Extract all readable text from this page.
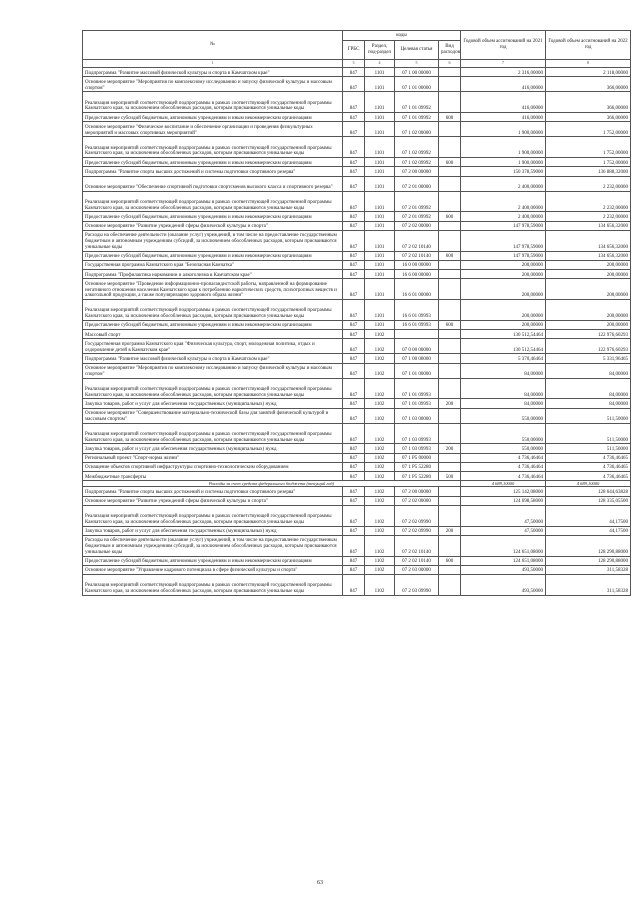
№	коды				Годовой объем ассигнований на 2021 год	Годовой объем ассигнований на 2022 год
	ГРБС	Раздел, под-раздел	Целевая статья	Вид расходов		
1	3	4	5	6	7	8
Подпрограмма "Развитие массовой физической культуры и спорта в Камчатском крае"	847	1101	07 1 00 00000		2 316,00000	2 118,00000
Основное мероприятие "Мероприятия по комплексному исследованию и запуску физической культуры и массовым спортом"	847	1101	07 1 01 00000		416,00000	366,00000
Реализация мероприятий соответствующей подпрограммы в рамках соответствующей государственной программы Камчатского края, за исключением обособленных расходов, которым присваиваются уникальные коды	847	1101	07 1 01 09992		416,00000	366,00000
Предоставление субсидий бюджетным, автономным учреждениям и иным некоммерческим организациям	847	1101	07 1 01 09992	600	416,00000	366,00000
Основное мероприятие "Физическое воспитание и обеспечение организации и проведения физкультурных мероприятий и массовых спортивных мероприятий"	847	1101	07 1 02 00000		1 900,00000	1 752,00000
Реализация мероприятий соответствующей подпрограммы в рамках соответствующей государственной программы Камчатского края, за исключением обособленных расходов, которым присваиваются уникальные коды	847	1101	07 1 02 09992		1 900,00000	1 752,00000
Предоставление субсидий бюджетным, автономным учреждениям и иным некоммерческим организациям	847	1101	07 1 02 09992	600	1 900,00000	1 752,00000
Подпрограмма "Развитие спорта высших достижений и системы подготовки спортивного резерва"	847	1101	07 2 00 00000		150 378,59000	136 888,32000
Основное мероприятие "Обеспечение спортивной подготовки спортсменов высокого класса и спортивного резерва"	847	1101	07 2 01 00000		2 400,00000	2 232,00000
Реализация мероприятий соответствующей подпрограммы в рамках соответствующей государственной программы Камчатского края, за исключением обособленных расходов, которым присваиваются уникальные коды	847	1101	07 2 01 09992		2 400,00000	2 232,00000
Предоставление субсидий бюджетным, автономным учреждениям и иным некоммерческим организациям	847	1101	07 2 01 09992	600	2 400,00000	2 232,00000
Основное мероприятие "Развитие учреждений сферы физической культуры и спорта"	847	1101	07 2 02 00000		147 978,59000	134 656,32000
Расходы на обеспечение деятельности (оказание услуг) учреждений, в том числе на предоставление государственным бюджетным и автономным учреждениям субсидий, за исключением обособленных расходов, которым присваиваются уникальные коды	847	1101	07 2 02 10140		147 978,59000	134 656,32000
Предоставление субсидий бюджетным, автономным учреждениям и иным некоммерческим организациям	847	1101	07 2 02 10140	600	147 978,59000	134 656,32000
Государственная программа Камчатского края "Безопасная Камчатка"	847	1101	16 0 00 00000		200,00000	200,00000
Подпрограмма "Профилактика наркомании и алкоголизма в Камчатском крае"	847	1101	16 6 00 00000		200,00000	200,00000
Основное мероприятие "Проведение информационно-пропагандистской работы, направленной на формирование негативного отношения населения Камчатского края к потреблению наркотических средств, психотропных веществ и алкогольной продукции, а также популяризацию здорового образа жизни"	847	1101	16 6 01 00000		200,00000	200,00000
Реализация мероприятий соответствующей подпрограммы в рамках соответствующей государственной программы Камчатского края, за исключением обособленных расходов, которым присваиваются уникальные коды	847	1101	16 6 01 09993		200,00000	200,00000
Предоставление субсидий бюджетным, автономным учреждениям и иным некоммерческим организациям	847	1101	16 6 01 09993	600	200,00000	200,00000
Массовый спорт	847	1102			130 512,54464	122 976,60293
Государственная программа Камчатского края "Физическая культура, спорт, молодежная политика, отдых и оздоровление детей в Камчатском крае"	847	1102	07 0 00 00000		130 512,54464	122 976,60293
Подпрограмма "Развитие массовой физической культуры и спорта в Камчатском крае"	847	1102	07 1 00 00000		5 370,46464	5 331,96465
Основное мероприятие "Мероприятия по комплексному исследованию и запуску физической культуры и массовым спортом"	847	1102	07 1 01 00000		84,00000	84,00000
Реализация мероприятий соответствующей подпрограммы в рамках соответствующей государственной программы Камчатского края, за исключением обособленных расходов, которым присваиваются уникальные коды	847	1102	07 1 01 09993		84,00000	84,00000
Закупка товаров, работ и услуг для обеспечения государственных (муниципальных) нужд	847	1102	07 1 01 09993	200	84,00000	84,00000
Основное мероприятие "Совершенствование материально-технической базы для занятий физической культурой и массовым спортом"	847	1102	07 1 03 00000		550,00000	511,50000
Реализация мероприятий соответствующей подпрограммы в рамках соответствующей государственной программы Камчатского края, за исключением обособленных расходов, которым присваиваются уникальные коды	847	1102	07 1 03 09993		550,00000	511,50000
Закупка товаров, работ и услуг для обеспечения государственных (муниципальных) нужд	847	1102	07 1 03 09993	200	550,00000	511,50000
Региональный проект "Спорт-норма жизни"	847	1102	07 1 P5 00000		4 736,46464	4 736,46465
Оснащение объектов спортивной инфраструктуры спортивно-технологическим оборудованием	847	1102	07 1 P5 52280		4 736,46464	4 736,46465
Межбюджетные трансферты	847	1102	07 1 P5 52280	500	4 736,46464	4 736,46465
Расходы за счет средств федерального бюджета (текущий год)					4 689,10000	4 689,10000
Подпрограмма "Развитие спорта высших достижений и системы подготовки спортивного резерва"	847	1102	07 2 00 00000		125 142,08000	128 644,63828
Основное мероприятие "Развитие учреждений сферы физической культуры и спорта"	847	1102	07 2 02 00000		124 698,58000	128 335,05500
Реализация мероприятий соответствующей подпрограммы в рамках соответствующей государственной программы Камчатского края, за исключением обособленных расходов, которым присваиваются уникальные коды	847	1102	07 2 02 09990		47,50000	44,17500
Закупка товаров, работ и услуг для обеспечения государственных (муниципальных) нужд	847	1102	07 2 02 09990	200	47,50000	44,17500
Расходы на обеспечение деятельности (оказание услуг) учреждений, в том числе на предоставление государственным бюджетным и автономным учреждениям субсидий, за исключением обособленных расходов, которым присваиваются уникальные коды	847	1102	07 2 02 10140		124 651,08000	128 290,88000
Предоставление субсидий бюджетным, автономным учреждениям и иным некоммерческим организациям	847	1102	07 2 02 10140	600	124 651,08000	128 290,88000
Основное мероприятие "Управление кадрового потенциала в сфере физической культуры и спорта"	847	1102	07 2 03 00000		493,50000	311,58328
Реализация мероприятий соответствующей подпрограммы в рамках соответствующей государственной программы Камчатского края, за исключением обособленных расходов, которым присваиваются уникальные коды	847	1102	07 2 03 09990		493,50000	311,58328
63
